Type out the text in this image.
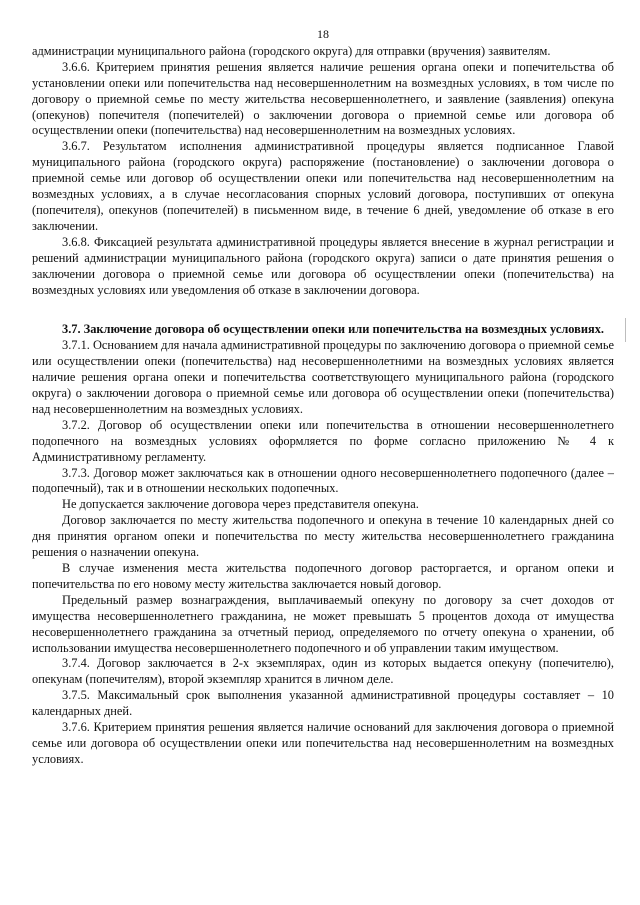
18

администрации муниципального района (городского округа) для отправки (вручения) заявителям.

3.6.6. Критерием принятия решения является наличие решения органа опеки и попечительства об установлении опеки или попечительства над несовершеннолетним на возмездных условиях, в том числе по договору о приемной семье по месту жительства несовершеннолетнего, и заявление (заявления) опекуна (опекунов) попечителя (попечителей) о заключении договора о приемной семье или договора об осуществлении опеки (попечительства) над несовершеннолетним на возмездных условиях.

3.6.7. Результатом исполнения административной процедуры является подписанное Главой муниципального района (городского округа) распоряжение (постановление) о заключении договора о приемной семье или договор об осуществлении опеки или попечительства над несовершеннолетним на возмездных условиях, а в случае несогласования спорных условий договора, поступивших от опекуна (попечителя), опекунов (попечителей) в письменном виде, в течение 6 дней, уведомление об отказе в его заключении.

3.6.8. Фиксацией результата административной процедуры является внесение в журнал регистрации и решений администрации муниципального района (городского округа) записи о дате принятия решения о заключении договора о приемной семье или договора об осуществлении опеки (попечительства) на возмездных условиях или уведомления об отказе в заключении договора.

3.7. Заключение договора об осуществлении опеки или попечительства на возмездных условиях.

3.7.1. Основанием для начала административной процедуры по заключению договора о приемной семье или осуществлении опеки (попечительства) над несовершеннолетними на возмездных условиях является наличие решения органа опеки и попечительства соответствующего муниципального района (городского округа) о заключении договора о приемной семье или договора об осуществлении опеки (попечительства) над несовершеннолетним на возмездных условиях.

3.7.2. Договор об осуществлении опеки или попечительства в отношении несовершеннолетнего подопечного на возмездных условиях оформляется по форме согласно приложению № 4 к Административному регламенту.

3.7.3. Договор может заключаться как в отношении одного несовершеннолетнего подопечного (далее – подопечный), так и в отношении нескольких подопечных.

Не допускается заключение договора через представителя опекуна.

Договор заключается по месту жительства подопечного и опекуна в течение 10 календарных дней со дня принятия органом опеки и попечительства по месту жительства несовершеннолетнего гражданина решения о назначении опекуна.

В случае изменения места жительства подопечного договор расторгается, и органом опеки и попечительства по его новому месту жительства заключается новый договор.

Предельный размер вознаграждения, выплачиваемый опекуну по договору за счет доходов от имущества несовершеннолетнего гражданина, не может превышать 5 процентов дохода от имущества несовершеннолетнего гражданина за отчетный период, определяемого по отчету опекуна о хранении, об использовании имущества несовершеннолетнего подопечного и об управлении таким имуществом.

3.7.4. Договор заключается в 2-х экземплярах, один из которых выдается опекуну (попечителю), опекунам (попечителям), второй экземпляр хранится в личном деле.

3.7.5. Максимальный срок выполнения указанной административной процедуры составляет – 10 календарных дней.

3.7.6. Критерием принятия решения является наличие оснований для заключения договора о приемной семье или договора об осуществлении опеки или попечительства над несовершеннолетним на возмездных условиях.
